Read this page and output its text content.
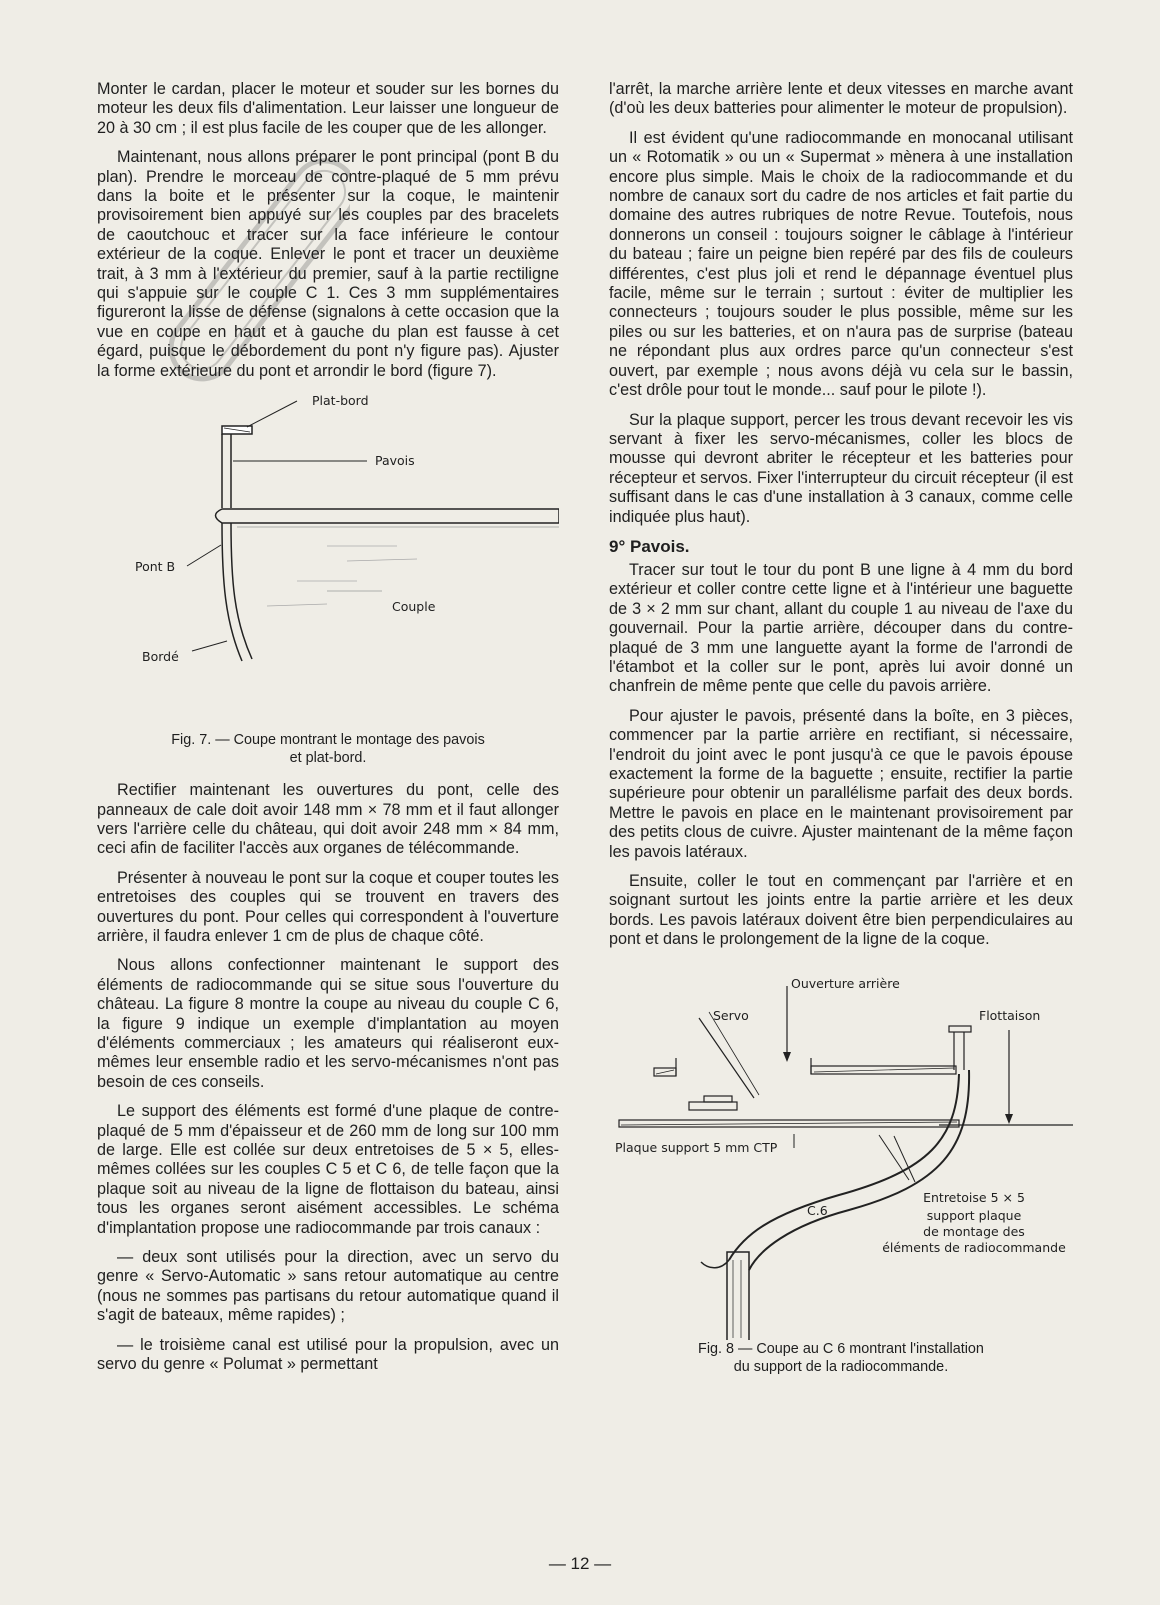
Monter le cardan, placer le moteur et souder sur les bornes du moteur les deux fils d'alimentation. Leur laisser une longueur de 20 à 30 cm ; il est plus facile de les couper que de les allonger.

Maintenant, nous allons préparer le pont principal (pont B du plan). Prendre le morceau de contre-plaqué de 5 mm prévu dans la boite et le présenter sur la coque, le maintenir provisoirement bien appuyé sur les couples par des bracelets de caoutchouc et tracer sur la face inférieure le contour extérieur de la coque. Enlever le pont et tracer un deuxième trait, à 3 mm à l'extérieur du premier, sauf à la partie rectiligne qui s'appuie sur le couple C 1. Ces 3 mm supplémentaires figureront la lisse de défense (signalons à cette occasion que la vue en coupe en haut et à gauche du plan est fausse à cet égard, puisque le débordement du pont n'y figure pas). Ajuster la forme extérieure du pont et arrondir le bord (figure 7).

Plat-bord
Pavois
Pont B
Couple
Bordé

Fig. 7. — Coupe montrant le montage des pavois

et plat-bord.

Rectifier maintenant les ouvertures du pont, celle des panneaux de cale doit avoir 148 mm × 78 mm et il faut allonger vers l'arrière celle du château, qui doit avoir 248 mm × 84 mm, ceci afin de faciliter l'accès aux organes de télécommande.

Présenter à nouveau le pont sur la coque et couper toutes les entretoises des couples qui se trouvent en travers des ouvertures du pont. Pour celles qui correspondent à l'ouverture arrière, il faudra enlever 1 cm de plus de chaque côté.

Nous allons confectionner maintenant le support des éléments de radiocommande qui se situe sous l'ouverture du château. La figure 8 montre la coupe au niveau du couple C 6, la figure 9 indique un exemple d'implantation au moyen d'éléments commerciaux ; les amateurs qui réaliseront eux-mêmes leur ensemble radio et les servo-mécanismes n'ont pas besoin de ces conseils.

Le support des éléments est formé d'une plaque de contre-plaqué de 5 mm d'épaisseur et de 260 mm de long sur 100 mm de large. Elle est collée sur deux entretoises de 5 × 5, elles-mêmes collées sur les couples C 5 et C 6, de telle façon que la plaque soit au niveau de la ligne de flottaison du bateau, ainsi tous les organes seront aisément accessibles. Le schéma d'implantation propose une radiocommande par trois canaux :

— deux sont utilisés pour la direction, avec un servo du genre « Servo-Automatic » sans retour automatique au centre (nous ne sommes pas partisans du retour automatique quand il s'agit de bateaux, même rapides) ;

— le troisième canal est utilisé pour la propulsion, avec un servo du genre « Polumat » permettant

l'arrêt, la marche arrière lente et deux vitesses en marche avant (d'où les deux batteries pour alimenter le moteur de propulsion).

Il est évident qu'une radiocommande en monocanal utilisant un « Rotomatik » ou un « Supermat » mènera à une installation encore plus simple. Mais le choix de la radiocommande et du nombre de canaux sort du cadre de nos articles et fait partie du domaine des autres rubriques de notre Revue. Toutefois, nous donnerons un conseil : toujours soigner le câblage à l'intérieur du bateau ; faire un peigne bien repéré par des fils de couleurs différentes, c'est plus joli et rend le dépannage éventuel plus facile, même sur le terrain ; surtout : éviter de multiplier les connecteurs ; toujours souder le plus possible, même sur les piles ou sur les batteries, et on n'aura pas de surprise (bateau ne répondant plus aux ordres parce qu'un connecteur s'est ouvert, par exemple ; nous avons déjà vu cela sur le bassin, c'est drôle pour tout le monde... sauf pour le pilote !).

Sur la plaque support, percer les trous devant recevoir les vis servant à fixer les servo-mécanismes, coller les blocs de mousse qui devront abriter le récepteur et les batteries pour récepteur et servos. Fixer l'interrupteur du circuit récepteur (il est suffisant dans le cas d'une installation à 3 canaux, comme celle indiquée plus haut).

9° Pavois.

Tracer sur tout le tour du pont B une ligne à 4 mm du bord extérieur et coller contre cette ligne et à l'intérieur une baguette de 3 × 2 mm sur chant, allant du couple 1 au niveau de l'axe du gouvernail. Pour la partie arrière, découper dans du contre-plaqué de 3 mm une languette ayant la forme de l'arrondi de l'étambot et la coller sur le pont, après lui avoir donné un chanfrein de même pente que celle du pavois arrière.

Pour ajuster le pavois, présenté dans la boîte, en 3 pièces, commencer par la partie arrière en rectifiant, si nécessaire, l'endroit du joint avec le pont jusqu'à ce que le pavois épouse exactement la forme de la baguette ; ensuite, rectifier la partie supérieure pour obtenir un parallélisme parfait des deux bords. Mettre le pavois en place en le maintenant provisoirement par des petits clous de cuivre. Ajuster maintenant de la même façon les pavois latéraux.

Ensuite, coller le tout en commençant par l'arrière et en soignant surtout les joints entre la partie arrière et les deux bords. Les pavois latéraux doivent être bien perpendiculaires au pont et dans le prolongement de la ligne de la coque.

Ouverture arrière
Servo	Flottaison
Plaque support 5 mm CTP
C.6
Entretoise 5 × 5
support plaque
de montage des
éléments de radiocommande

Fig. 8 — Coupe au C 6 montrant l'installation

du support de la radiocommande.

— 12 —
